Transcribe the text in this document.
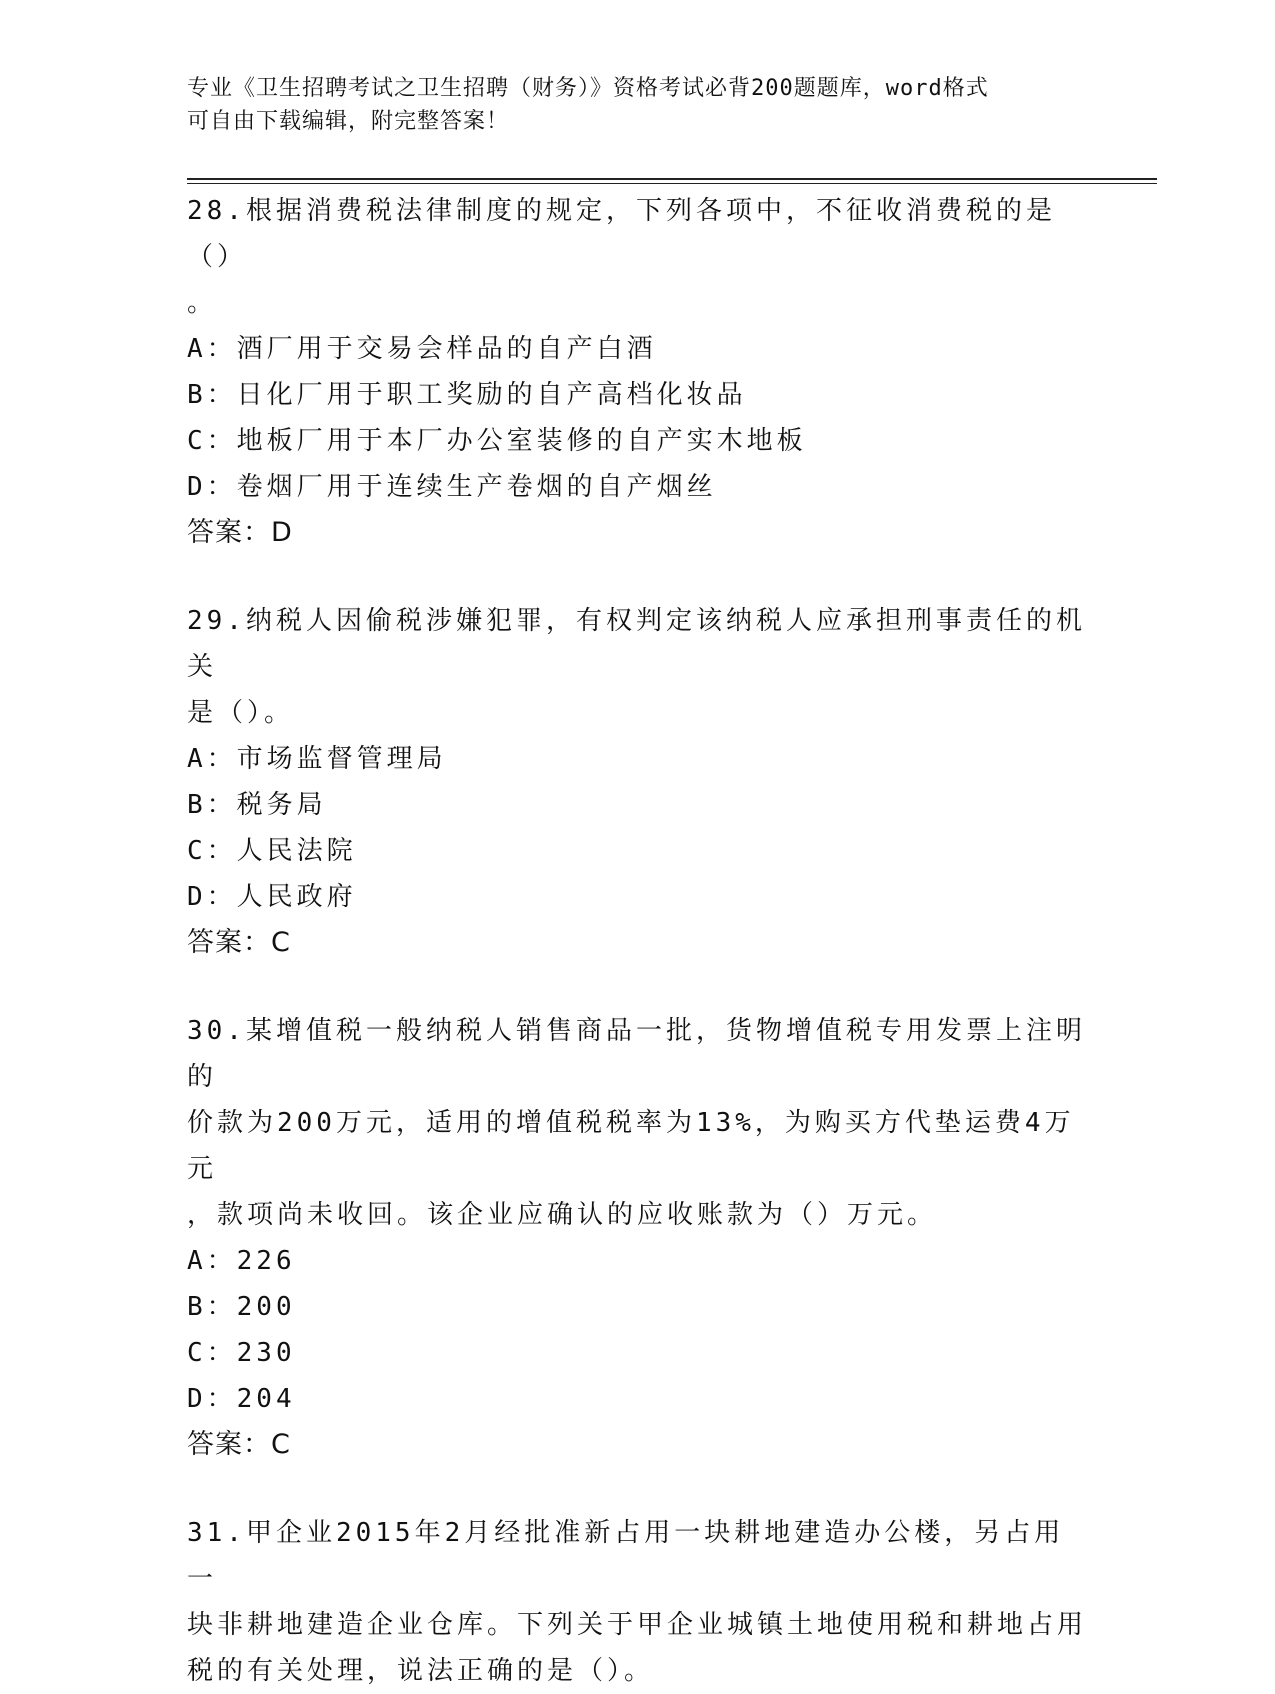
专业《卫生招聘考试之卫生招聘（财务）》资格考试必背200题题库，word格式
可自由下载编辑，附完整答案！
28.根据消费税法律制度的规定，下列各项中，不征收消费税的是（）
。
A：酒厂用于交易会样品的自产白酒
B：日化厂用于职工奖励的自产高档化妆品
C：地板厂用于本厂办公室装修的自产实木地板
D：卷烟厂用于连续生产卷烟的自产烟丝
答案：D
29.纳税人因偷税涉嫌犯罪，有权判定该纳税人应承担刑事责任的机关
是（）。
A：市场监督管理局
B：税务局
C：人民法院
D：人民政府
答案：C
30.某增值税一般纳税人销售商品一批，货物增值税专用发票上注明的
价款为200万元，适用的增值税税率为13%，为购买方代垫运费4万元
，款项尚未收回。该企业应确认的应收账款为（）万元。
A：226
B：200
C：230
D：204
答案：C
31.甲企业2015年2月经批准新占用一块耕地建造办公楼，另占用一
块非耕地建造企业仓库。下列关于甲企业城镇土地使用税和耕地占用
税的有关处理，说法正确的是（）。
